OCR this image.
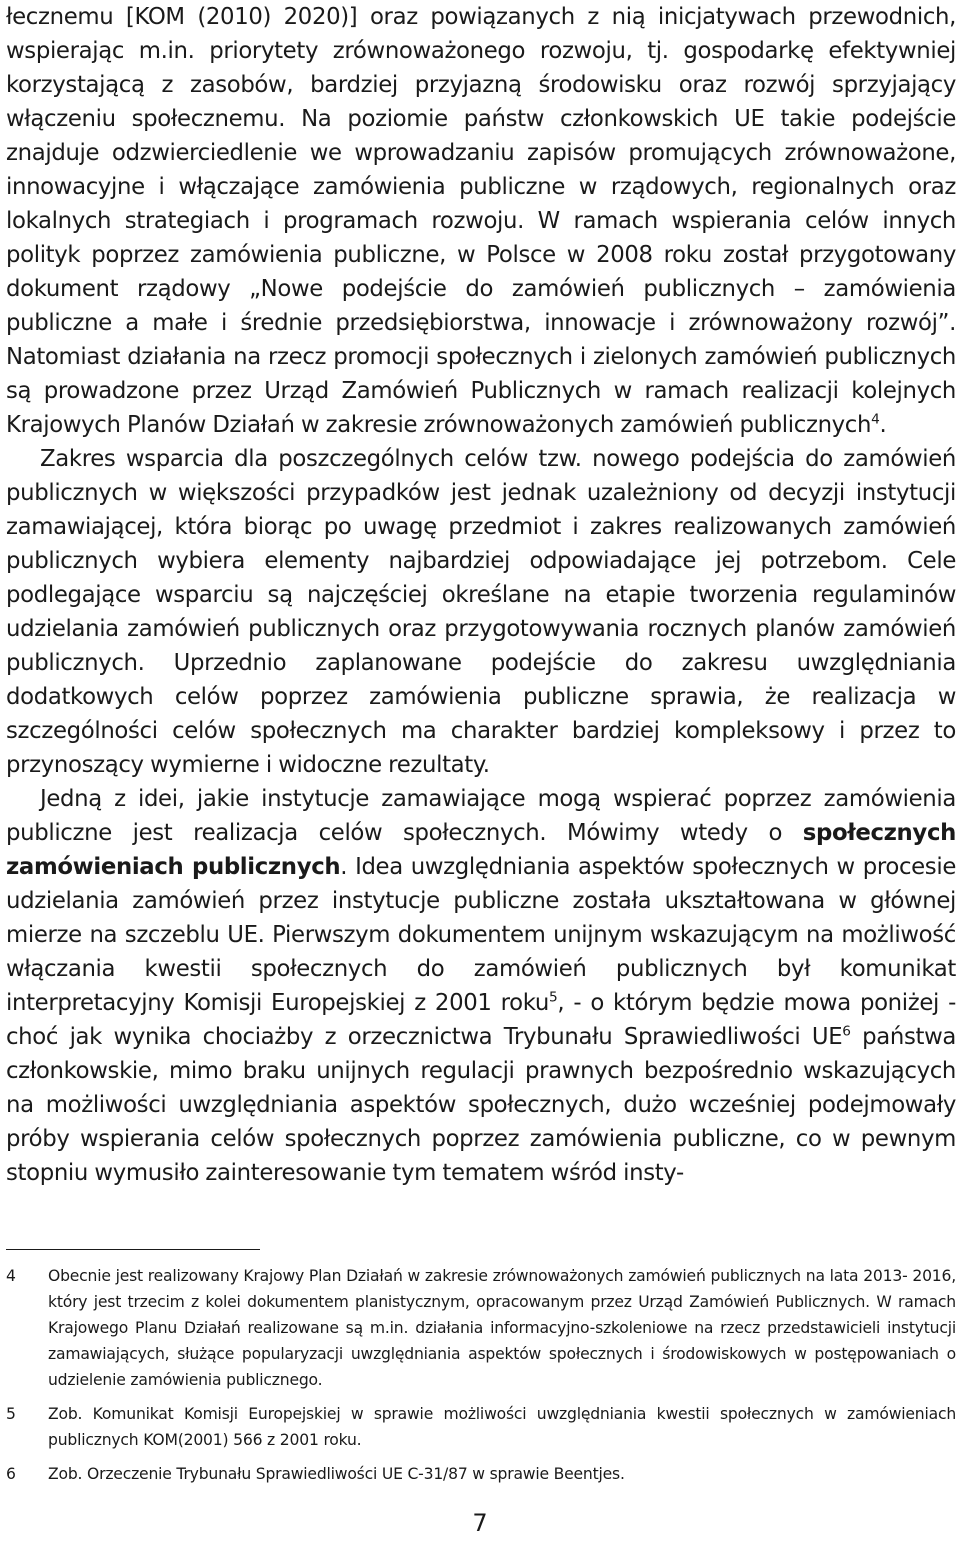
łecznemu [KOM (2010) 2020)] oraz powiązanych z nią inicjatywach przewodnich, wspierając m.in. priorytety zrównoważonego rozwoju, tj. gospodarkę efektywniej korzystającą z zasobów, bardziej przyjazną środowisku oraz rozwój sprzyjający włączeniu społecznemu. Na poziomie państw członkowskich UE takie podejście znajduje odzwierciedlenie we wprowadzaniu zapisów promujących zrównoważone, innowacyjne i włączające zamówienia publiczne w rządowych, regionalnych oraz lokalnych strategiach i programach rozwoju. W ramach wspierania celów innych polityk poprzez zamówienia publiczne, w Polsce w 2008 roku został przygotowany dokument rządowy „Nowe podejście do zamówień publicznych – zamówienia publiczne a małe i średnie przedsiębiorstwa, innowacje i zrównoważony rozwój”. Natomiast działania na rzecz promocji społecznych i zielonych zamówień publicznych są prowadzone przez Urząd Zamówień Publicznych w ramach realizacji kolejnych Krajowych Planów Działań w zakresie zrównoważonych zamówień publicznych$^4$.

Zakres wsparcia dla poszczególnych celów tzw. nowego podejścia do zamówień publicznych w większości przypadków jest jednak uzależniony od decyzji instytucji zamawiającej, która biorąc po uwagę przedmiot i zakres realizowanych zamówień publicznych wybiera elementy najbardziej odpowiadające jej potrzebom. Cele podlegające wsparciu są najczęściej określane na etapie tworzenia regulaminów udzielania zamówień publicznych oraz przygotowywania rocznych planów zamówień publicznych. Uprzednio zaplanowane podejście do zakresu uwzględniania dodatkowych celów poprzez zamówienia publiczne sprawia, że realizacja w szczególności celów społecznych ma charakter bardziej kompleksowy i przez to przynoszący wymierne i widoczne rezultaty.

Jedną z idei, jakie instytucje zamawiające mogą wspierać poprzez zamówienia publiczne jest realizacja celów społecznych. Mówimy wtedy o społecznych zamówieniach publicznych. Idea uwzględniania aspektów społecznych w procesie udzielania zamówień przez instytucje publiczne została ukształtowana w głównej mierze na szczeblu UE. Pierwszym dokumentem unijnym wskazującym na możliwość włączania kwestii społecznych do zamówień publicznych był komunikat interpretacyjny Komisji Europejskiej z 2001 roku$^5$, - o którym będzie mowa poniżej - choć jak wynika chociażby z orzecznictwa Trybunału Sprawiedliwości $UE^6$ państwa członkowskie, mimo braku unijnych regulacji prawnych bezpośrednio wskazujących na możliwości uwzględniania aspektów społecznych, dużo wcześniej podejmowały próby wspierania celów społecznych poprzez zamówienia publiczne, co w pewnym stopniu wymusiło zainteresowanie tym tematem wśród insty-

4	Obecnie jest realizowany Krajowy Plan Działań w zakresie zrównoważonych zamówień publicznych na lata 2013- 2016, który jest trzecim z kolei dokumentem planistycznym, opracowanym przez Urząd Zamówień Publicznych. W ramach Krajowego Planu Działań realizowane są m.in. działania informacyjno-szkoleniowe na rzecz przedstawicieli instytucji zamawiających, służące popularyzacji uwzględniania aspektów społecznych i środowiskowych w postępowaniach o udzielenie zamówienia publicznego.
5	Zob. Komunikat Komisji Europejskiej w sprawie możliwości uwzględniania kwestii społecznych w zamówieniach publicznych KOM(2001) 566 z 2001 roku.
6	Zob. Orzeczenie Trybunału Sprawiedliwości UE C-31/87 w sprawie Beentjes.
7
